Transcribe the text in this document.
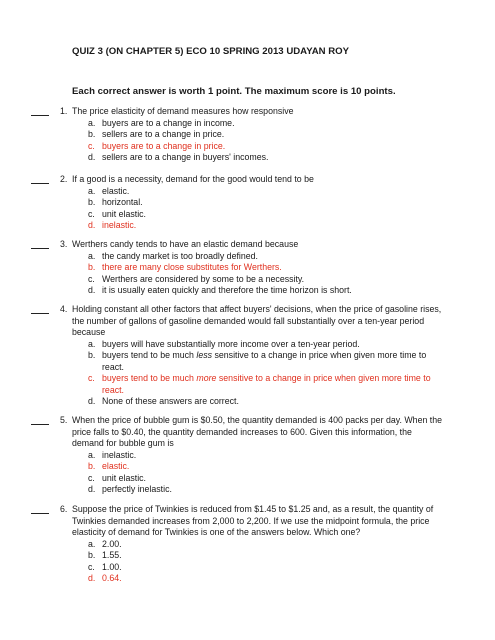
QUIZ 3 (ON CHAPTER 5) ECO 10 SPRING 2013 UDAYAN ROY
Each correct answer is worth 1 point. The maximum score is 10 points.
1. The price elasticity of demand measures how responsive
a. buyers are to a change in income.
b. sellers are to a change in price.
c. buyers are to a change in price.
d. sellers are to a change in buyers' incomes.
2. If a good is a necessity, demand for the good would tend to be
a. elastic.
b. horizontal.
c. unit elastic.
d. inelastic.
3. Werthers candy tends to have an elastic demand because
a. the candy market is too broadly defined.
b. there are many close substitutes for Werthers.
c. Werthers are considered by some to be a necessity.
d. it is usually eaten quickly and therefore the time horizon is short.
4. Holding constant all other factors that affect buyers' decisions, when the price of gasoline rises,
the number of gallons of gasoline demanded would fall substantially over a ten-year period
because
a. buyers will have substantially more income over a ten-year period.
b. buyers tend to be much less sensitive to a change in price when given more time to
react.
c. buyers tend to be much more sensitive to a change in price when given more time to
react.
d. None of these answers are correct.
5. When the price of bubble gum is $0.50, the quantity demanded is 400 packs per day. When the
price falls to $0.40, the quantity demanded increases to 600. Given this information, the
demand for bubble gum is
a. inelastic.
b. elastic.
c. unit elastic.
d. perfectly inelastic.
6. Suppose the price of Twinkies is reduced from $1.45 to $1.25 and, as a result, the quantity of
Twinkies demanded increases from 2,000 to 2,200. If we use the midpoint formula, the price
elasticity of demand for Twinkies is one of the answers below. Which one?
a. 2.00.
b. 1.55.
c. 1.00.
d. 0.64.
